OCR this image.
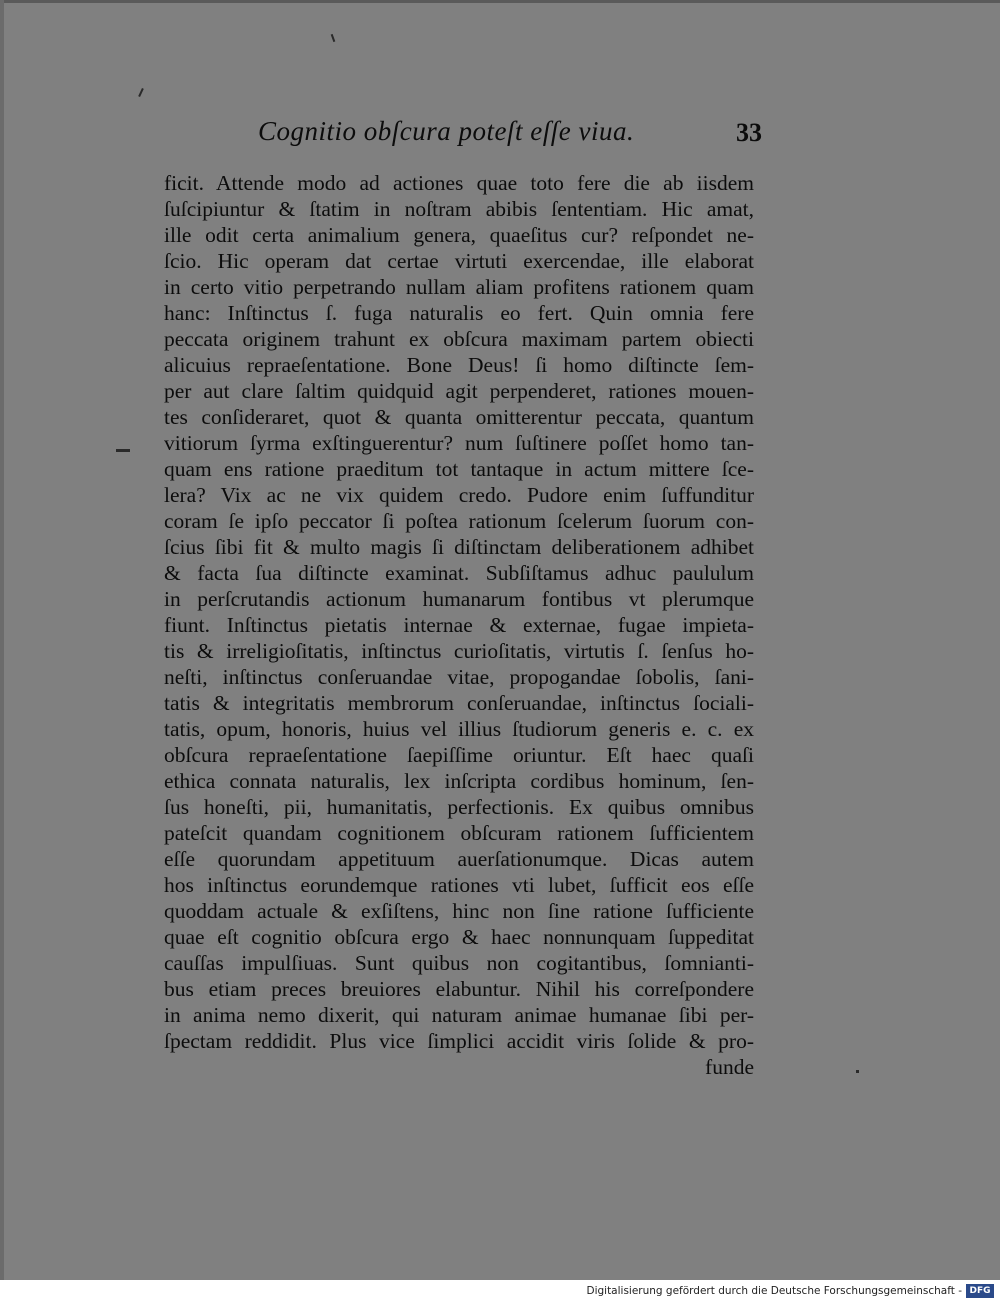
Cognitio obſcura poteſt eſſe viua.	33
ficit. Attende modo ad actiones quae toto fere die ab iisdem
ſuſcipiuntur & ſtatim in noſtram abibis ſententiam. Hic amat,
ille odit certa animalium genera, quaeſitus cur? reſpondet ne-
ſcio. Hic operam dat certae virtuti exercendae, ille elaborat
in certo vitio perpetrando nullam aliam profitens rationem quam
hanc: Inſtinctus ſ. fuga naturalis eo fert. Quin omnia fere
peccata originem trahunt ex obſcura maximam partem obiecti
alicuius repraeſentatione. Bone Deus! ſi homo diſtincte ſem-
per aut clare ſaltim quidquid agit perpenderet, rationes mouen-
tes conſideraret, quot & quanta omitterentur peccata, quantum
vitiorum ſyrma exſtinguerentur? num ſuſtinere poſſet homo tan-
quam ens ratione praeditum tot tantaque in actum mittere ſce-
lera? Vix ac ne vix quidem credo. Pudore enim ſuffunditur
coram ſe ipſo peccator ſi poſtea rationum ſcelerum ſuorum con-
ſcius ſibi fit & multo magis ſi diſtinctam deliberationem adhibet
& facta ſua diſtincte examinat. Subſiſtamus adhuc paululum
in perſcrutandis actionum humanarum fontibus vt plerumque
fiunt. Inſtinctus pietatis internae & externae, fugae impieta-
tis & irreligioſitatis, inſtinctus curioſitatis, virtutis ſ. ſenſus ho-
neſti, inſtinctus conſeruandae vitae, propogandae ſobolis, ſani-
tatis & integritatis membrorum conſeruandae, inſtinctus ſociali-
tatis, opum, honoris, huius vel illius ſtudiorum generis e. c. ex
obſcura repraeſentatione ſaepiſſime oriuntur. Eſt haec quaſi
ethica connata naturalis, lex inſcripta cordibus hominum, ſen-
ſus honeſti, pii, humanitatis, perfectionis. Ex quibus omnibus
pateſcit quandam cognitionem obſcuram rationem ſufficientem
eſſe quorundam appetituum auerſationumque. Dicas autem
hos inſtinctus eorundemque rationes vti lubet, ſufficit eos eſſe
quoddam actuale & exſiſtens, hinc non ſine ratione ſufficiente
quae eſt cognitio obſcura ergo & haec nonnunquam ſuppeditat
cauſſas impulſiuas. Sunt quibus non cogitantibus, ſomnianti-
bus etiam preces breuiores elabuntur. Nihil his correſpondere
in anima nemo dixerit, qui naturam animae humanae ſibi per-
ſpectam reddidit. Plus vice ſimplici accidit viris ſolide & pro-
funde
Digitalisierung gefördert durch die Deutsche Forschungsgemeinschaft - DFG
